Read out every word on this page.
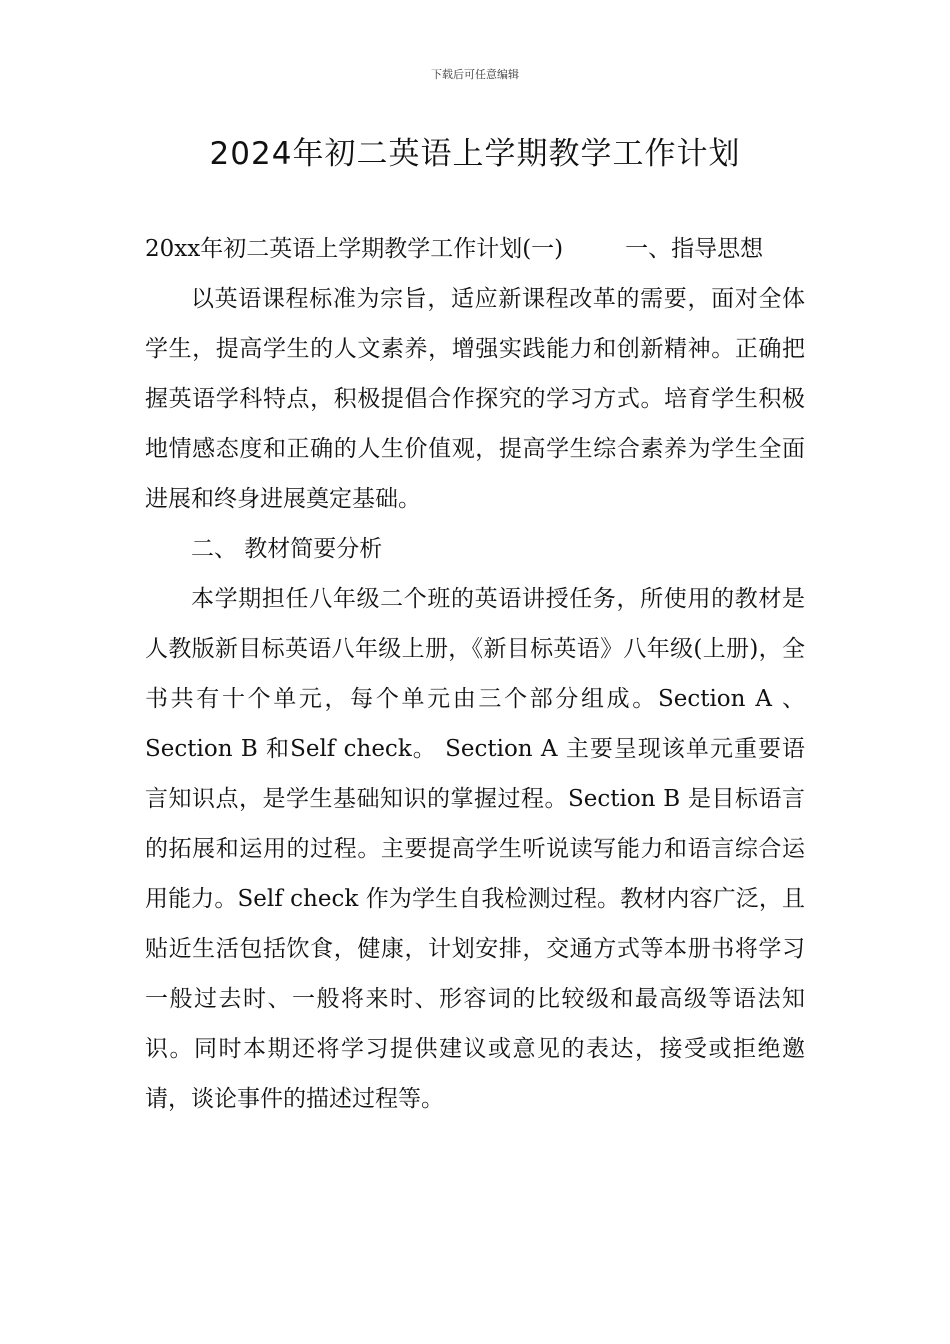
下载后可任意编辑
2024年初二英语上学期教学工作计划

20xx年初二英语上学期教学工作计划(一)	一、指导思想

以英语课程标准为宗旨，适应新课程改革的需要，面对全体学生，提高学生的人文素养，增强实践能力和创新精神。正确把握英语学科特点，积极提倡合作探究的学习方式。培育学生积极地情感态度和正确的人生价值观，提高学生综合素养为学生全面进展和终身进展奠定基础。

二、 教材简要分析

本学期担任八年级二个班的英语讲授任务，所使用的教材是人教版新目标英语八年级上册，《新目标英语》八年级(上册)，全书共有十个单元，每个单元由三个部分组成。Section A 、 Section B 和Self check。 Section A 主要呈现该单元重要语言知识点，是学生基础知识的掌握过程。Section B 是目标语言的拓展和运用的过程。主要提高学生听说读写能力和语言综合运用能力。Self check 作为学生自我检测过程。教材内容广泛，且贴近生活包括饮食，健康，计划安排，交通方式等本册书将学习一般过去时、一般将来时、形容词的比较级和最高级等语法知识。同时本期还将学习提供建议或意见的表达，接受或拒绝邀请，谈论事件的描述过程等。
